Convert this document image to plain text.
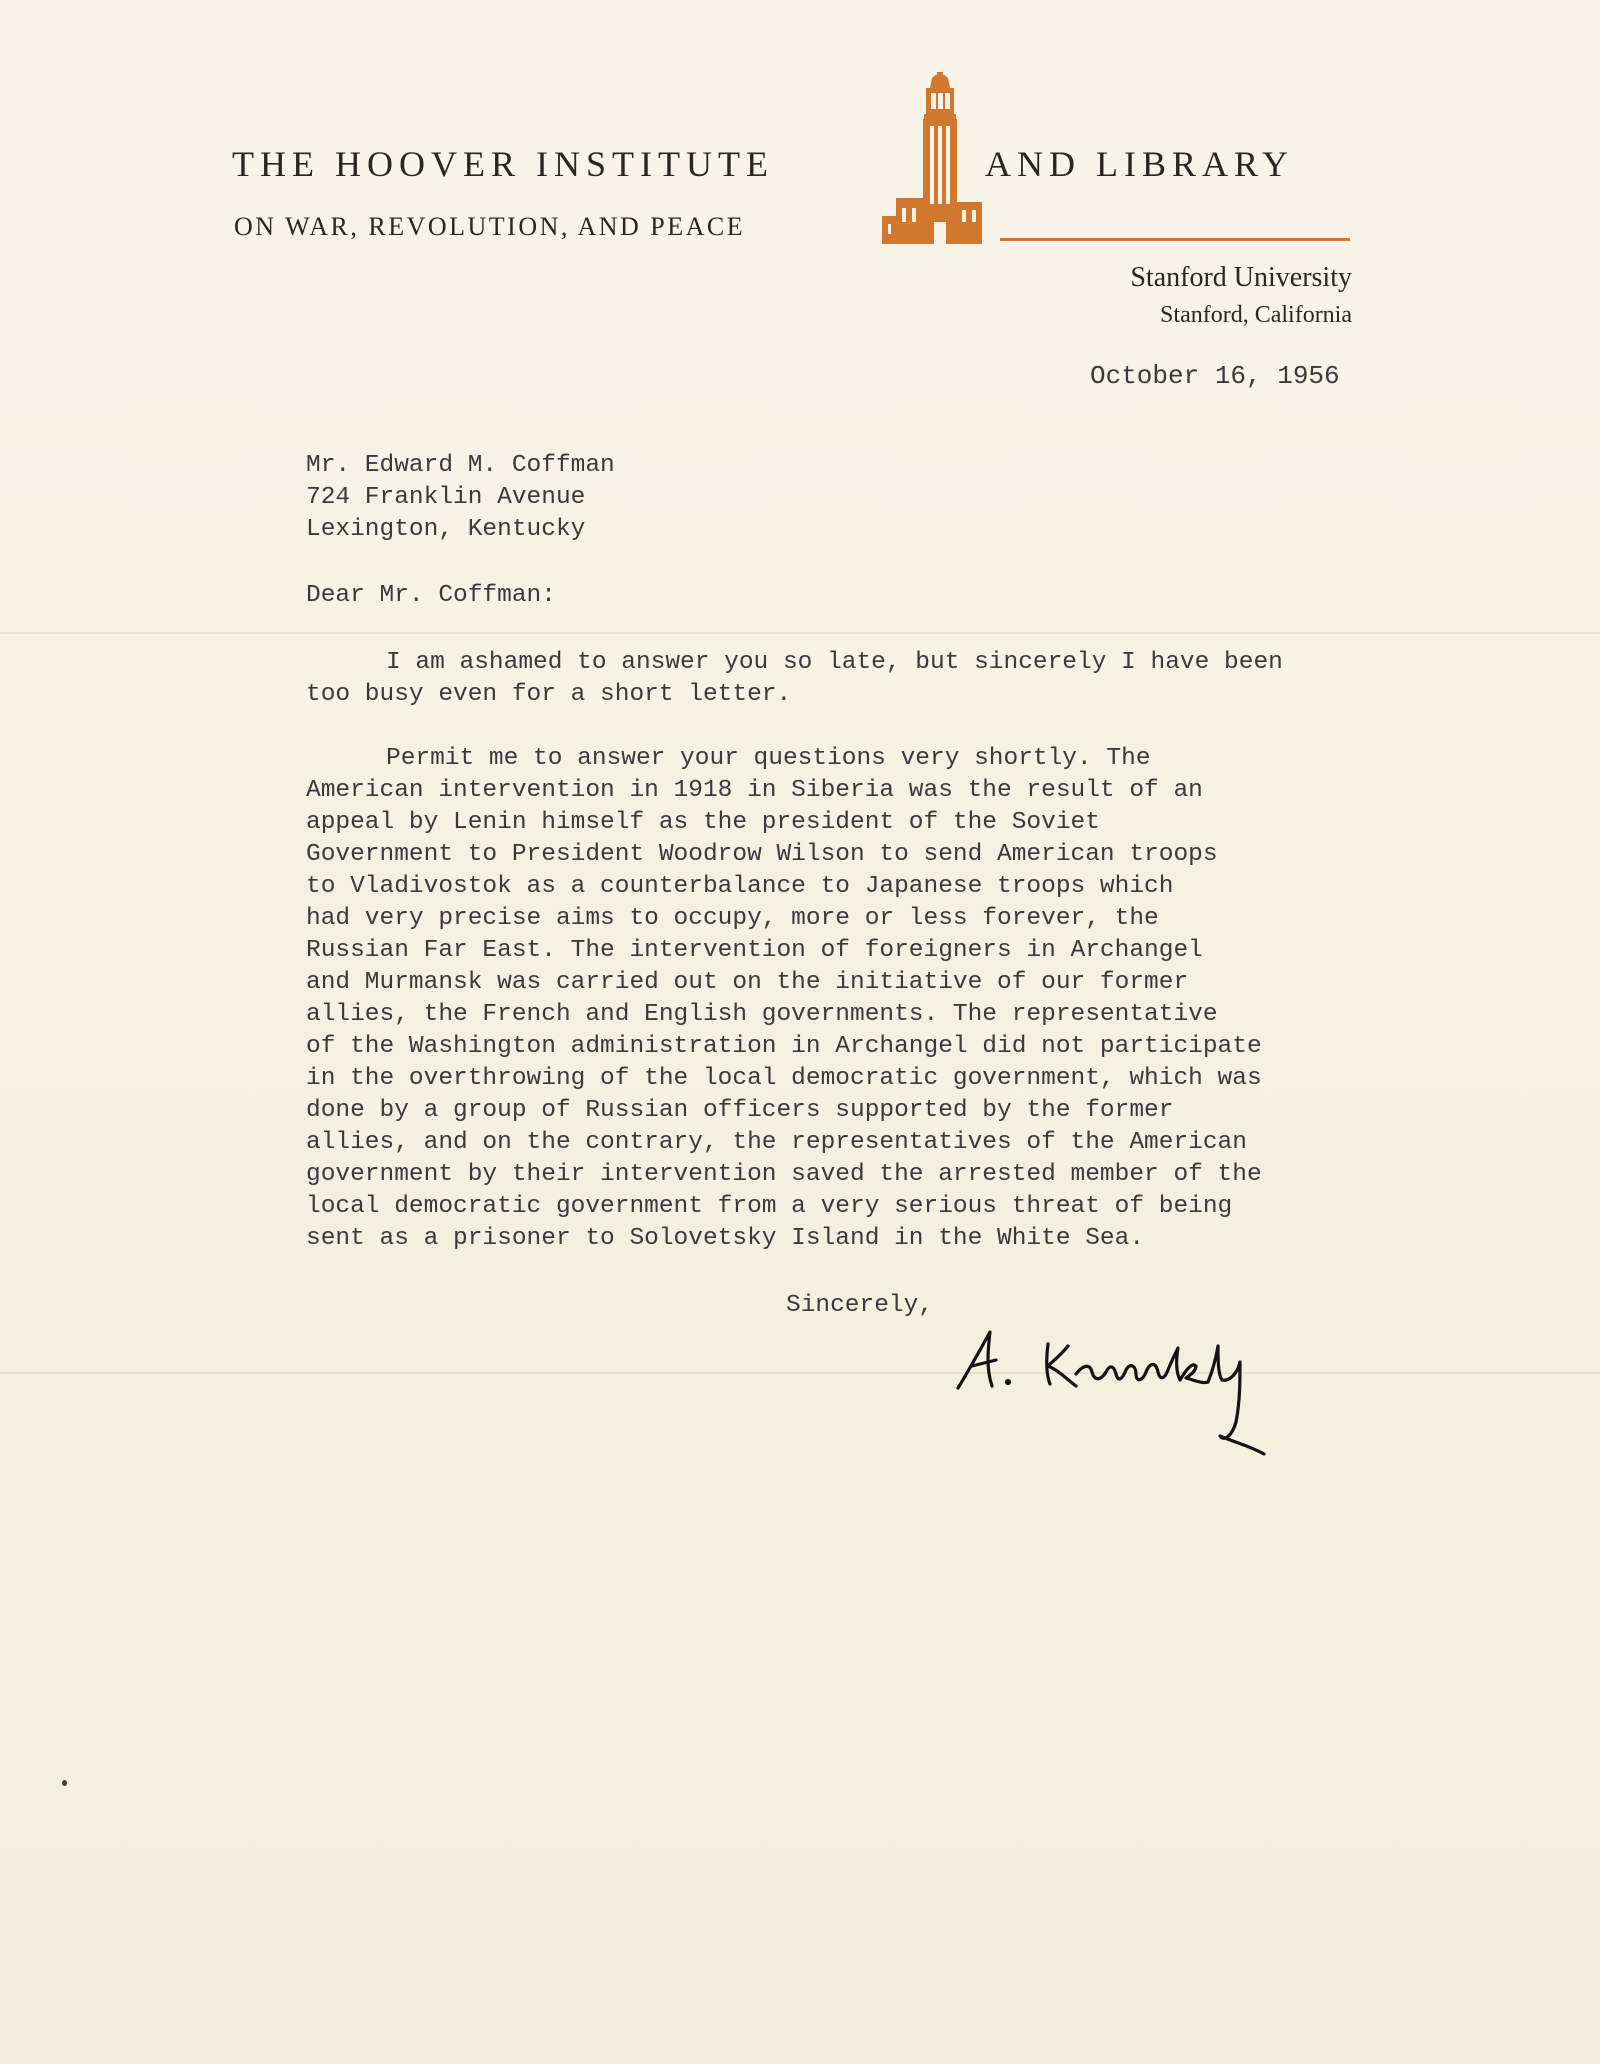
THE HOOVER INSTITUTE	AND LIBRARY
ON WAR, REVOLUTION, AND PEACE
Stanford University
Stanford, California
October 16, 1956
Mr. Edward M. Coffman
724 Franklin Avenue
Lexington, Kentucky
Dear Mr. Coffman:
I am ashamed to answer you so late, but sincerely I have been
too busy even for a short letter.
Permit me to answer your questions very shortly. The
American intervention in 1918 in Siberia was the result of an
appeal by Lenin himself as the president of the Soviet
Government to President Woodrow Wilson to send American troops
to Vladivostok as a counterbalance to Japanese troops which
had very precise aims to occupy, more or less forever, the
Russian Far East. The intervention of foreigners in Archangel
and Murmansk was carried out on the initiative of our former
allies, the French and English governments. The representative
of the Washington administration in Archangel did not participate
in the overthrowing of the local democratic government, which was
done by a group of Russian officers supported by the former
allies, and on the contrary, the representatives of the American
government by their intervention saved the arrested member of the
local democratic government from a very serious threat of being
sent as a prisoner to Solovetsky Island in the White Sea.
Sincerely,
